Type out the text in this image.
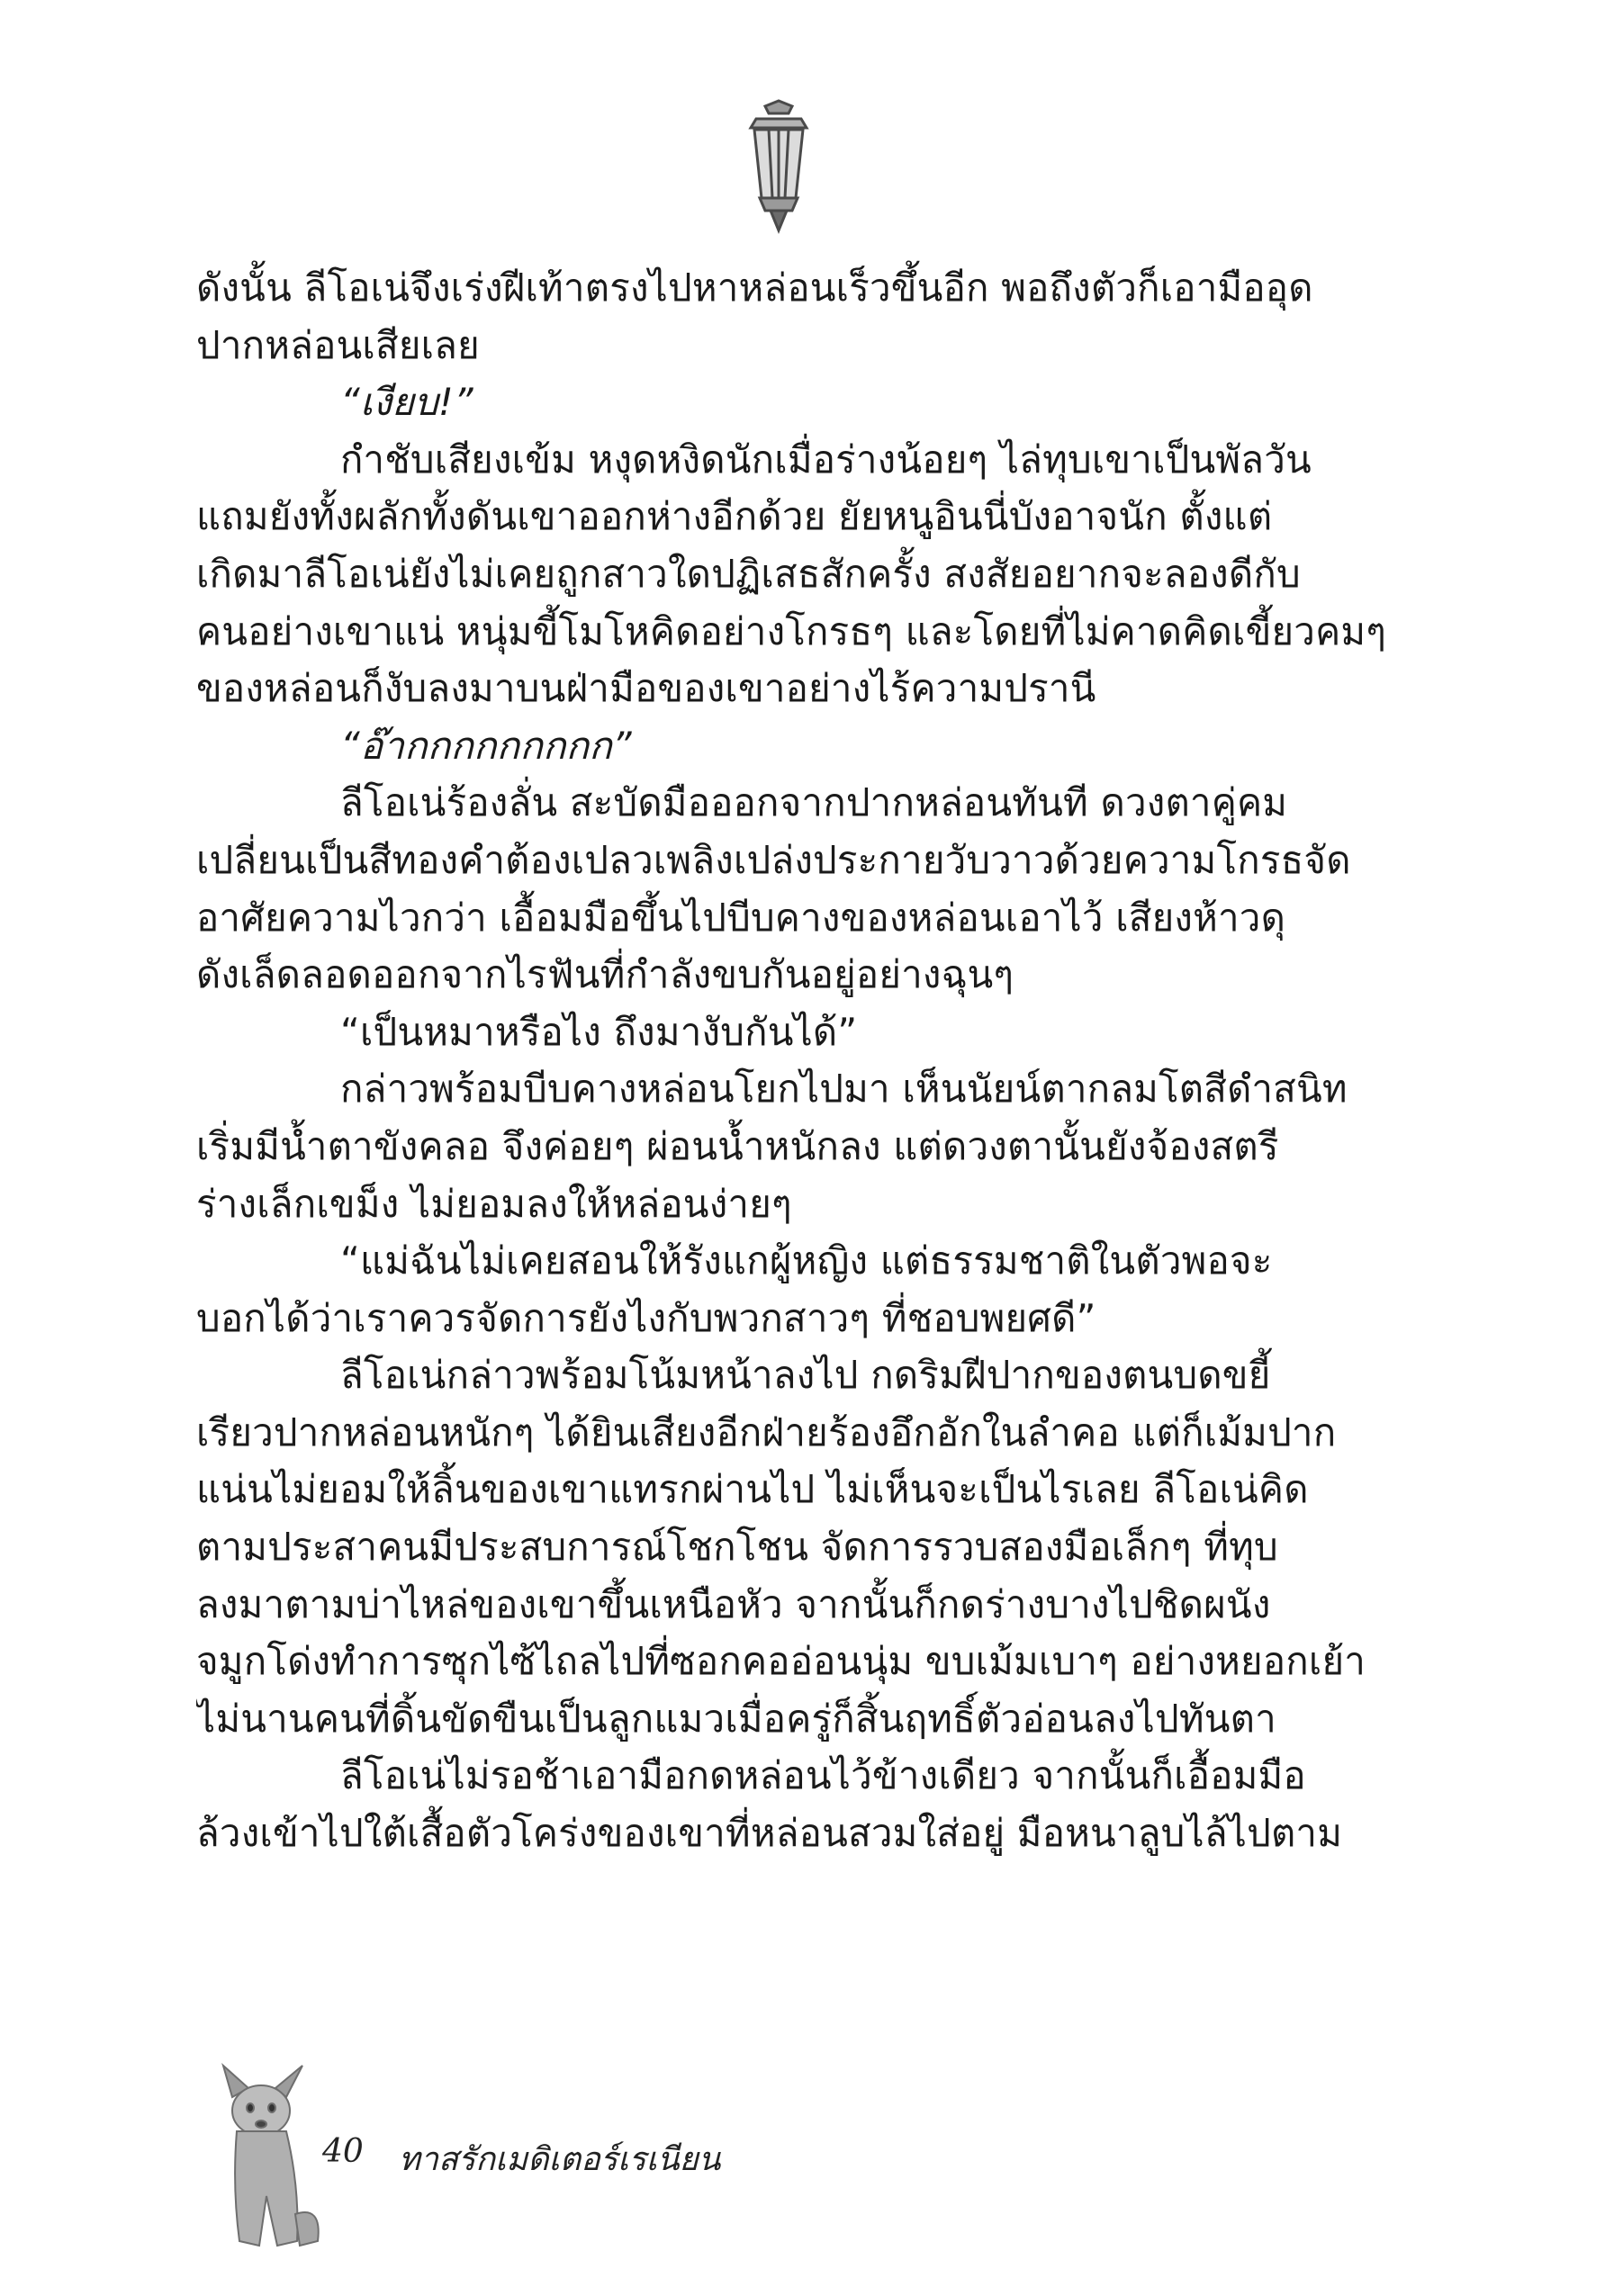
ดังนั้น ลีโอเน่จึงเร่งฝีเท้าตรงไปหาหล่อนเร็วขึ้นอีก พอถึงตัวก็เอามืออุด
ปากหล่อนเสียเลย
“เงียบ!”
กำชับเสียงเข้ม หงุดหงิดนักเมื่อร่างน้อยๆ ไล่ทุบเขาเป็นพัลวัน
แถมยังทั้งผลักทั้งดันเขาออกห่างอีกด้วย ยัยหนูอินนี่บังอาจนัก ตั้งแต่
เกิดมาลีโอเน่ยังไม่เคยถูกสาวใดปฏิเสธสักครั้ง สงสัยอยากจะลองดีกับ
คนอย่างเขาแน่ หนุ่มขี้โมโหคิดอย่างโกรธๆ และโดยที่ไม่คาดคิดเขี้ยวคมๆ
ของหล่อนก็งับลงมาบนฝ่ามือของเขาอย่างไร้ความปรานี
“อ๊ากกกกกกกกก”
ลีโอเน่ร้องลั่น สะบัดมือออกจากปากหล่อนทันที ดวงตาคู่คม
เปลี่ยนเป็นสีทองคำต้องเปลวเพลิงเปล่งประกายวับวาวด้วยความโกรธจัด
อาศัยความไวกว่า เอื้อมมือขึ้นไปบีบคางของหล่อนเอาไว้ เสียงห้าวดุ
ดังเล็ดลอดออกจากไรฟันที่กำลังขบกันอยู่อย่างฉุนๆ
“เป็นหมาหรือไง ถึงมางับกันได้”
กล่าวพร้อมบีบคางหล่อนโยกไปมา เห็นนัยน์ตากลมโตสีดำสนิท
เริ่มมีน้ำตาขังคลอ จึงค่อยๆ ผ่อนน้ำหนักลง แต่ดวงตานั้นยังจ้องสตรี
ร่างเล็กเขม็ง ไม่ยอมลงให้หล่อนง่ายๆ
“แม่ฉันไม่เคยสอนให้รังแกผู้หญิง แต่ธรรมชาติในตัวพอจะ
บอกได้ว่าเราควรจัดการยังไงกับพวกสาวๆ ที่ชอบพยศดี”
ลีโอเน่กล่าวพร้อมโน้มหน้าลงไป กดริมฝีปากของตนบดขยี้
เรียวปากหล่อนหนักๆ ได้ยินเสียงอีกฝ่ายร้องอึกอักในลำคอ แต่ก็เม้มปาก
แน่นไม่ยอมให้ลิ้นของเขาแทรกผ่านไป ไม่เห็นจะเป็นไรเลย ลีโอเน่คิด
ตามประสาคนมีประสบการณ์โชกโชน จัดการรวบสองมือเล็กๆ ที่ทุบ
ลงมาตามบ่าไหล่ของเขาขึ้นเหนือหัว จากนั้นก็กดร่างบางไปชิดผนัง
จมูกโด่งทำการซุกไซ้ไถลไปที่ซอกคออ่อนนุ่ม ขบเม้มเบาๆ อย่างหยอกเย้า
ไม่นานคนที่ดิ้นขัดขืนเป็นลูกแมวเมื่อครู่ก็สิ้นฤทธิ์ตัวอ่อนลงไปทันตา
ลีโอเน่ไม่รอช้าเอามือกดหล่อนไว้ข้างเดียว จากนั้นก็เอื้อมมือ
ล้วงเข้าไปใต้เสื้อตัวโคร่งของเขาที่หล่อนสวมใส่อยู่ มือหนาลูบไล้ไปตาม
40 ทาสรักเมดิเตอร์เรเนียน
